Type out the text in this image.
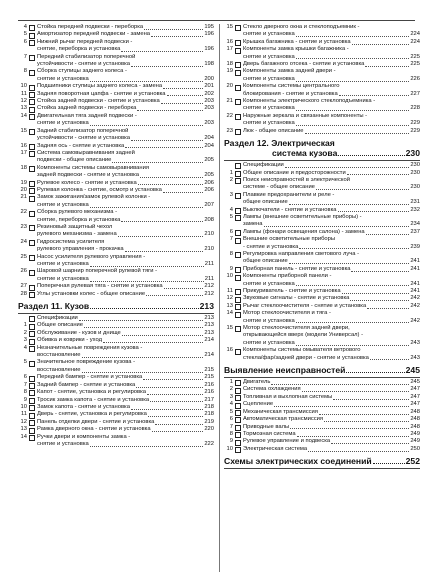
4	Стойка передней подвески - переборка	195
5	Амортизатор передней подвески - замена	196
6	Нижний рычаг передней подвески -
снятие, переборка и установка	196
7	Передний стабилизатор поперечной
устойчивости - снятие и установка	198
8	Сборка ступицы заднего колеса -
снятие и установка	200
10	Подшипники ступицы заднего колеса - замена	201
11	Задняя поворотная цапфа - снятие и установка	202
12	Стойка задней подвески - снятие и установка	203
13	Стойка задней подвески - переборка	203
14	Двигательная тяга задней подвески -
снятие и установка	203
15	Задний стабилизатор поперечной
устойчивости - снятие и установка	204
16	Задняя ось - снятие и установка	204
17	Система самовыравнивания задней
подвески - общее описание	205
18	Компоненты системы самовыравнивания
задней подвески - снятие и установка	205
19	Рулевое колесо - снятие и установка	206
20	Рулевая колонка - снятие, осмотр и установка	206
21	Замок зажигания/замок рулевой колонки -
снятие и установка	207
22	Сборка рулевого механизма -
снятие, переборка и установка	208
23	Резиновый защитный чехол
рулевого механизма - замена	210
24	Гидросистема усилителя
рулевого управления - прокачка	210
25	Насос усилителя рулевого управления -
снятие и установка	211
26	Шаровой шарнир поперечной рулевой тяги -
снятие и установка	211
27	Поперечная рулевая тяга - снятие и установка	212
28	Углы установки колес - общее описание	212
Раздел 11. Кузов	213
Спецификации	213
1	Общее описание	213
2	Обслуживание - кузов и днище	213
3	Обивка и коврики - уход	214
4	Незначительные повреждения кузова -
восстановление	214
5	Значительное повреждение кузова -
восстановление	215
6	Передний бампер - снятие и установка	215
7	Задний бампер - снятие и установка	216
8	Капот - снятие, установка и регулировка	216
9	Тросик замка капота - снятие и установка	217
10	Замок капота - снятие и установка	218
11	Дверь - снятие, установка и регулировка	218
12	Панель отделки двери - снятие и установка	219
13	Рамка дверного окна - снятие и установка	220
14	Ручки двери и компоненты замка -
снятие и установка	222
15	Стекло дверного окна и стеклоподъемник -
снятие и установка	224
16	Крышка багажника - снятие и установка	224
17	Компоненты замка крышки багажника -
снятие и установка	225
18	Дверь багажного отсека - снятие и установка	225
19	Компоненты замка задней двери -
снятие и установка	226
20	Компоненты системы центрального
блокирования - снятие и установка	227
21	Компоненты электрического стеклоподъемника -
снятие и установка	228
22	Наружные зеркала и связанные компоненты -
снятие и установка	229
23	Люк - общее описание	229
Раздел 12. Электрическая
система кузова	230
Спецификации	230
1	Общее описание и предосторожности	230
2	Поиск неисправностей в электрической
системе - общее описание	230
3	Плавкие предохранители и реле -
общее описание	231
4	Выключатели - снятие и установка	232
5	Лампы (внешние осветительные приборы) -
замена	234
6	Лампы (фонари освещения салона) - замена	237
7	Внешние осветительные приборы
- снятие и установка	239
8	Регулировка направления светового луча -
общее описание	241
9	Приборная панель - снятие и установка	241
10	Компоненты приборной панели -
снятие и установка	241
11	Прикуриватель - снятие и установка	241
12	Звуковые сигналы - снятие и установка	242
13	Рычаг стеклоочистителя - снятие и установка	242
14	Мотор стеклоочистителя и тяга -
снятие и установка	242
15	Мотор стеклоочистителя задней двери,
открывающейся вверх (модели Универсал) -
снятие и установка	243
16	Компоненты системы омывателя ветрового
стекла/фар/задней двери - снятие и установка	243
Выявление неисправностей	245
1	Двигатель	245
2	Система охлаждения	247
3	Топливная и выхлопная системы	247
4	Сцепление	247
5	Механическая трансмиссия	248
6	Автоматическая трансмиссия	248
7	Приводные валы	248
8	Тормозная система	249
9	Рулевое управление и подвеска	249
10	Электрическая система	250
Схемы электрических соединений	252
